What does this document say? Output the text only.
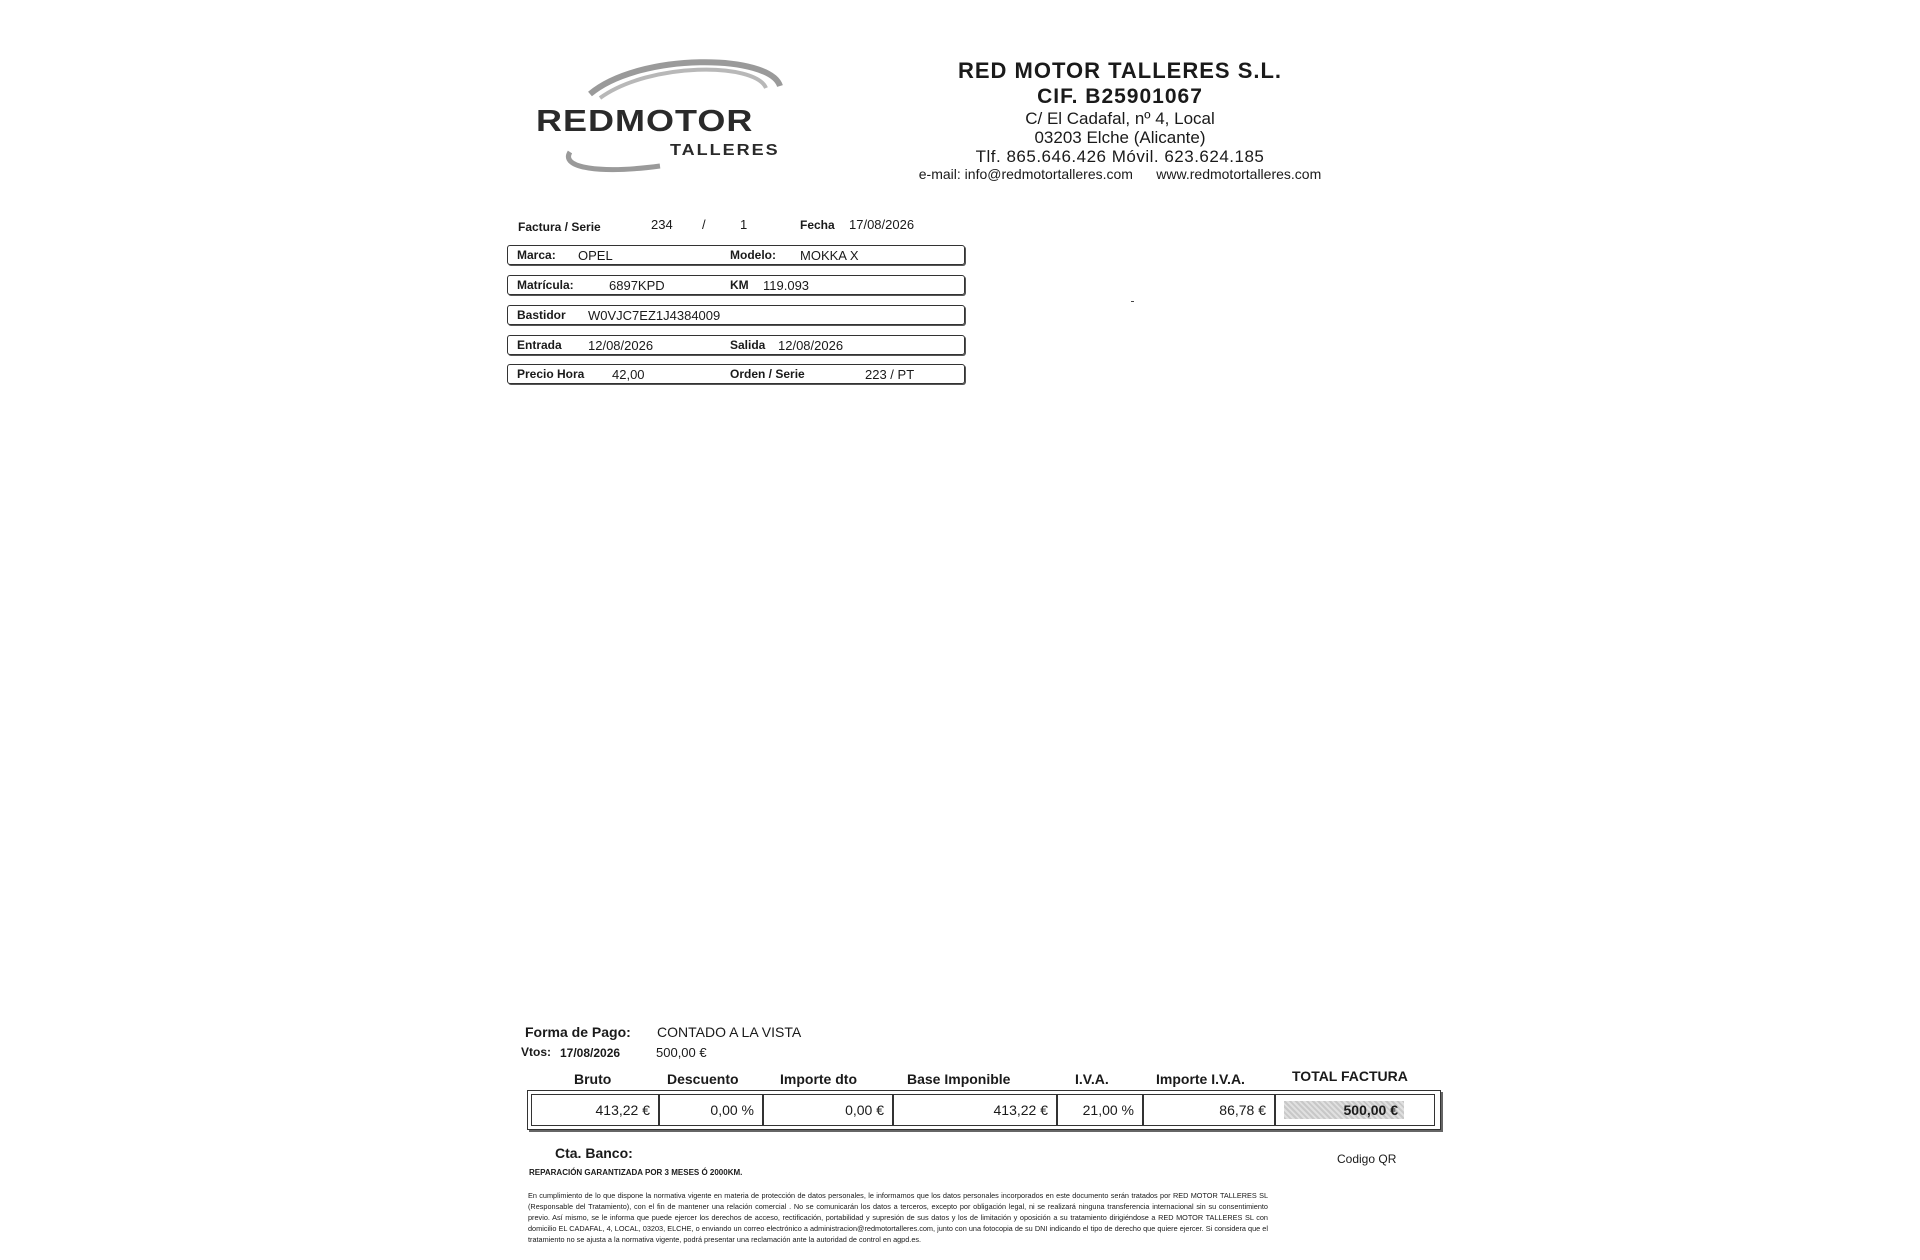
REDMOTOR
TALLERES
RED MOTOR TALLERES S.L.
CIF. B25901067
C/ El Cadafal, nº 4, Local
03203 Elche (Alicante)
Tlf. 865.646.426 Móvil. 623.624.185
e-mail: info@redmotortalleres.com www.redmotortalleres.com
Factura / Serie	234 /	1	Fecha 17/08/2026
Marca: OPEL	Modelo: MOKKA X
Matrícula:	6897KPD	KM 119.093
Bastidor W0VJC7EZ1J4384009
Entrada 12/08/2026	Salida 12/08/2026
Precio Hora 42,00	Orden / Serie	223 / PT
Forma de Pago: CONTADO A LA VISTA
Vtos: 17/08/2026	500,00 €
Bruto	Descuento	Importe dto	Base Imponible	I.V.A.	Importe I.V.A.	TOTAL FACTURA
413,22 €	0,00 %	0,00 €	413,22 €	21,00 %	86,78 €	500,00 €
Cta. Banco:	Codigo QR
REPARACIÓN GARANTIZADA POR 3 MESES Ó 2000KM.
En cumplimiento de lo que dispone la normativa vigente en materia de protección de datos personales, le informamos que los datos personales incorporados en este documento serán tratados por RED MOTOR TALLERES SL (Responsable del Tratamiento), con el fin de mantener una relación comercial . No se comunicarán los datos a terceros, excepto por obligación legal, ni se realizará ninguna transferencia internacional sin su consentimiento previo. Así mismo, se le informa que puede ejercer los derechos de acceso, rectificación, portabilidad y supresión de sus datos y los de limitación y oposición a su tratamiento dirigiéndose a RED MOTOR TALLERES SL con domicilio EL CADAFAL, 4, LOCAL, 03203, ELCHE, o enviando un correo electrónico a administracion@redmotortalleres.com, junto con una fotocopia de su DNI indicando el tipo de derecho que quiere ejercer. Si considera que el tratamiento no se ajusta a la normativa vigente, podrá presentar una reclamación ante la autoridad de control en agpd.es.
